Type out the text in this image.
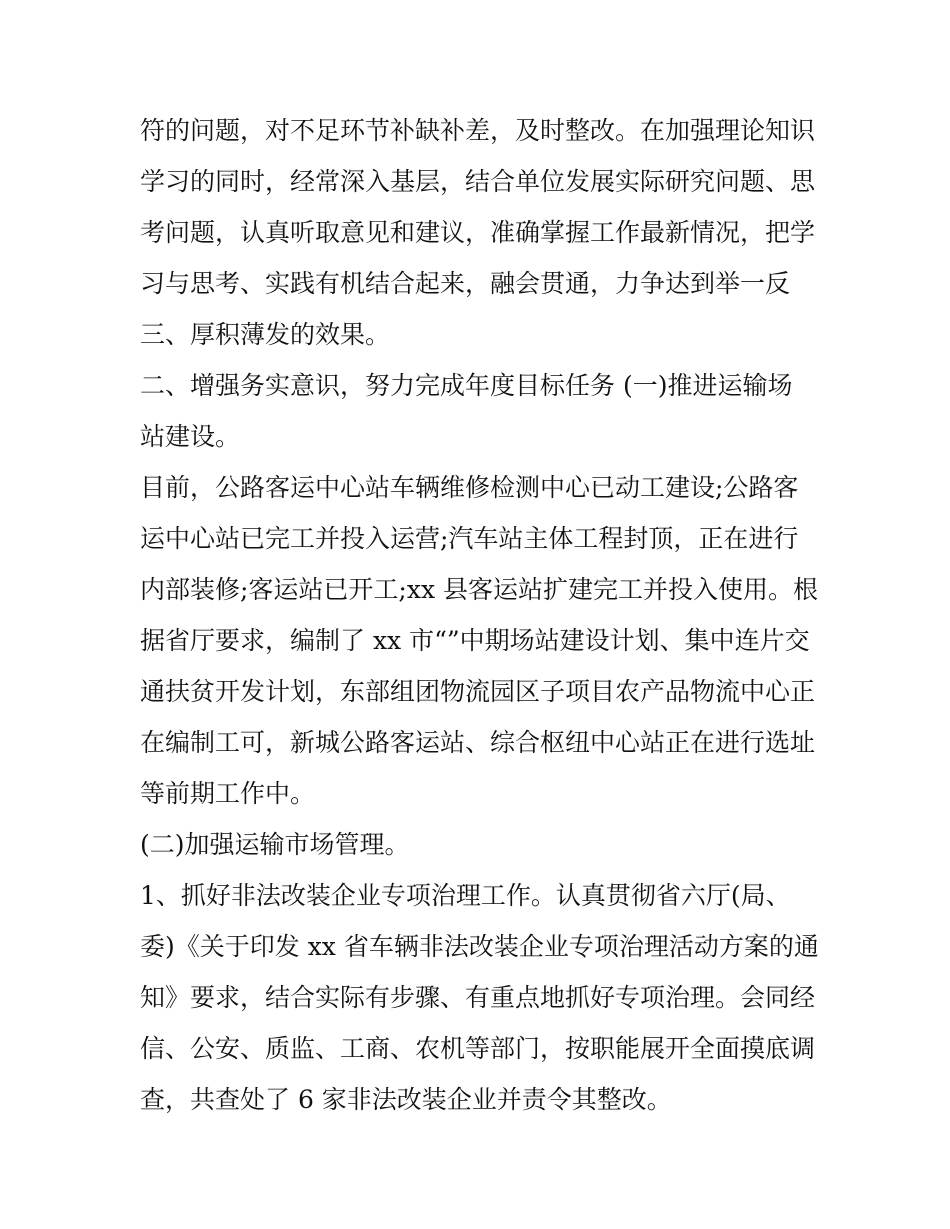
符的问题，对不足环节补缺补差，及时整改。在加强理论知识
学习的同时，经常深入基层，结合单位发展实际研究问题、思
考问题，认真听取意见和建议，准确掌握工作最新情况，把学
习与思考、实践有机结合起来，融会贯通，力争达到举一反
三、厚积薄发的效果。
二、增强务实意识，努力完成年度目标任务 (一)推进运输场
站建设。
目前，公路客运中心站车辆维修检测中心已动工建设;公路客
运中心站已完工并投入运营;汽车站主体工程封顶，正在进行
内部装修;客运站已开工;xx 县客运站扩建完工并投入使用。根
据省厅要求，编制了 xx 市“”中期场站建设计划、集中连片交
通扶贫开发计划，东部组团物流园区子项目农产品物流中心正
在编制工可，新城公路客运站、综合枢纽中心站正在进行选址
等前期工作中。
(二)加强运输市场管理。
1、抓好非法改装企业专项治理工作。认真贯彻省六厅(局、
委)《关于印发 xx 省车辆非法改装企业专项治理活动方案的通
知》要求，结合实际有步骤、有重点地抓好专项治理。会同经
信、公安、质监、工商、农机等部门，按职能展开全面摸底调
查，共查处了 6 家非法改装企业并责令其整改。
